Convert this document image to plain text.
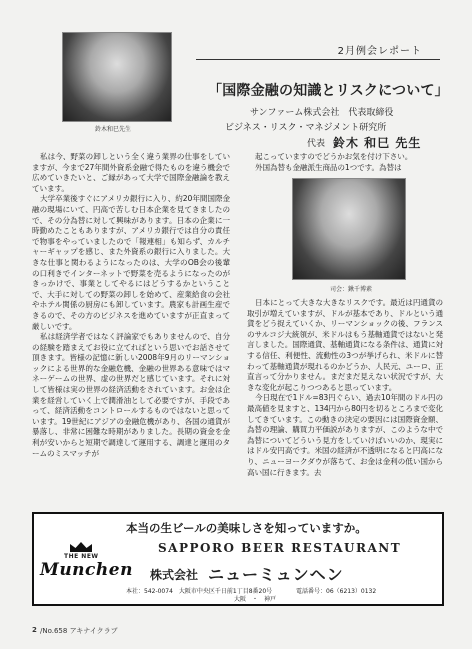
鈴木和巳先生
2月例会レポート
「国際金融の知識とリスクについて」
サンファーム株式会社　代表取締役
ビジネス・リスク・マネジメント研究所
代表 鈴木 和巳 先生

私は今、野菜の卸しという全く違う業界の仕事をしていますが、今まで27年間外資系金融で得たものを違う機会で広めていきたいと、ご縁があって大学で国際金融論を教えています。

大学卒業後すぐにアメリカ銀行に入り、約20年間国際金融の現場にいて、円高で苦しむ日本企業を見てきましたので、その分為替に対して興味があります。日本の企業に一時勤めたこともありますが、アメリカ銀行では自分の責任で物事をやっていましたので「報連相」も知らず、カルチャーギャップを感じ、また外資系の銀行に入りました。大きな仕事と関わるようになったのは、大学のOB会の後輩の口利きでインターネットで野菜を売るようになったのがきっかけで、事業としてやるにはどうするかということで、大手に対しての野菜の卸しを始めて、産業給食の会社やホテル関係の厨房にも卸しています。農家も計画生産できるので、その方のビジネスを進めていますが正直まって厳しいです。

私は経済学者ではなく評論家でもありませんので、自分の経験を踏まえてお役に立てればという思いでお話させて頂きます。皆様の記憶に新しい2008年9月のリーマンショックによる世界的な金融危機、金融の世界ある意味ではマネーゲームの世界、虚の世界だと感じています。それに対して皆様は実の世界の経済活動をされています。お金は企業を経営していく上で潤滑油として必要ですが、手段であって、経済活動をコントロールするものではないと思っています。19世紀にアジアの金融危機があり、各国の通貨が暴落し、非常に困難な時期がありました。長期の資金を金利が安いからと短期で調達して運用する、調達と運用のタームのミスマッチが

起こっていますのでどうかお気を付け下さい。

外国為替も金融派生商品の1つです。為替は

司会：鍬千博素

日本にとって大きな大きなリスクです。最近は円通貨の取引が増えていますが、ドルが基本であり、ドルという通貨をどう捉えていくか、リーマンショックの後、フランスのサルコジ大統領が、米ドルはもう基軸通貨ではないと発言しました。国際通貨、基軸通貨になる条件は、通貨に対する信任、利便性、流動性の3つが挙げられ、米ドルに替わって基軸通貨が現れるのかどうか、人民元、ユーロ、正直言って分かりません。まだまだ見えない状況ですが、大きな変化が起こりつつあると思っています。

今日現在で1ドル=83円ぐらい、過去10年間のドル円の最高値を見ますと、134円から80円を切るところまで変化してきています。この動きの決定の要因には国際資金額、為替の理論、購買力平価説がありますが、このような中で為替についてどういう見方をしていけばいいのか、現実にはドル安円高です。米国の経済が不透明になると円高になり、ニューヨークダウが落ちて、お金は金利の低い国から高い国に行きます。去

本当の生ビールの美味しさを知っていますか。
SAPPORO BEER RESTAURANT
株式会社 ニューミュンヘン
本社：542-0074　大阪市中央区千日前1丁目8番20号	電話番号：06（6213）0132
大阪　・　神戸
THE NEW
Munchen
2 /No.658 アキナイクラブ
